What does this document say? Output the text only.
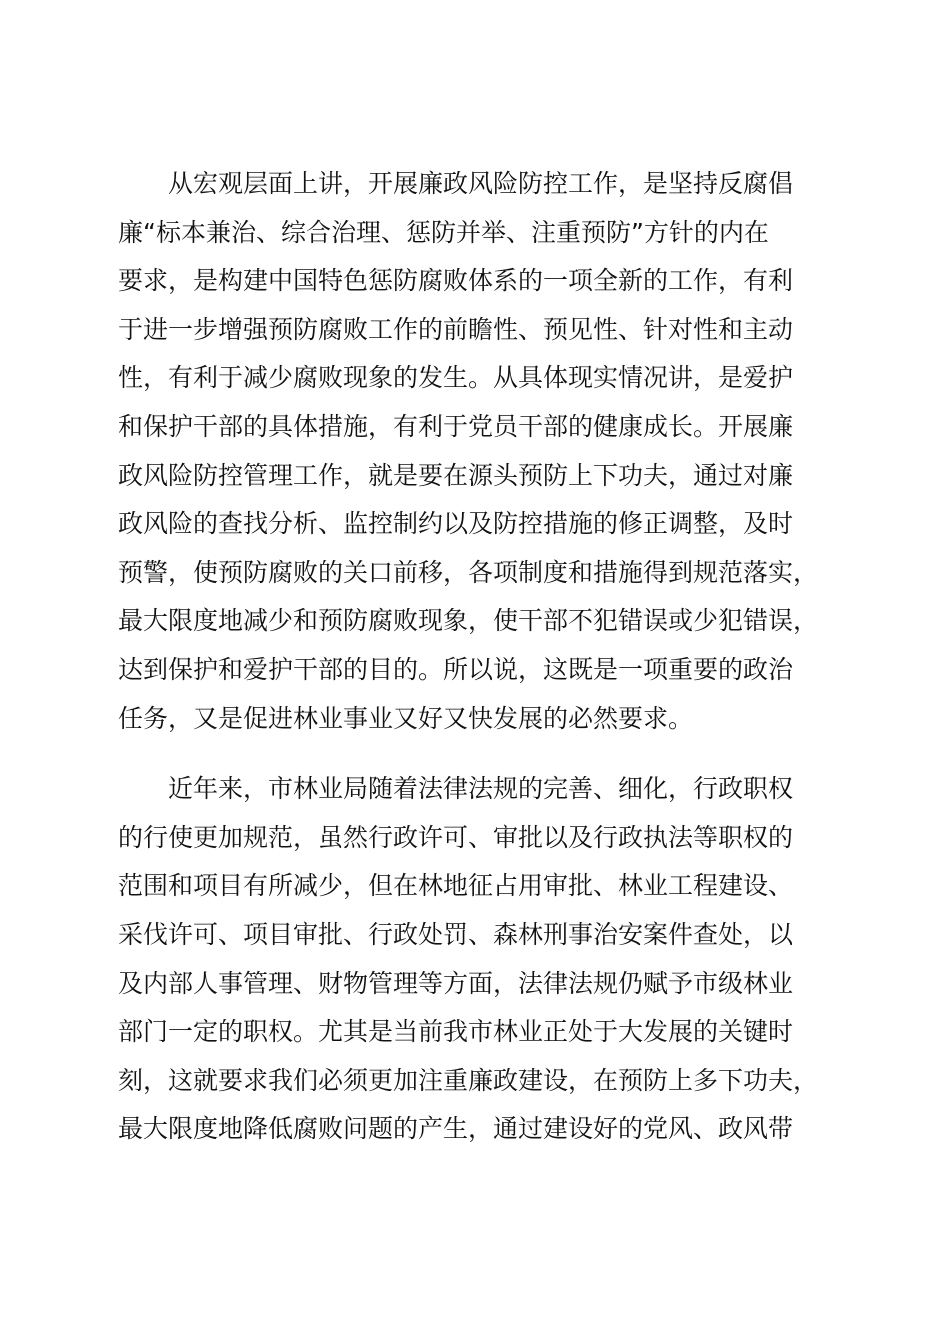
从宏观层面上讲，开展廉政风险防控工作，是坚持反腐倡
廉“标本兼治、综合治理、惩防并举、注重预防”方针的内在
要求，是构建中国特色惩防腐败体系的一项全新的工作，有利
于进一步增强预防腐败工作的前瞻性、预见性、针对性和主动
性，有利于减少腐败现象的发生。从具体现实情况讲，是爱护
和保护干部的具体措施，有利于党员干部的健康成长。开展廉
政风险防控管理工作，就是要在源头预防上下功夫，通过对廉
政风险的查找分析、监控制约以及防控措施的修正调整，及时
预警，使预防腐败的关口前移，各项制度和措施得到规范落实，
最大限度地减少和预防腐败现象，使干部不犯错误或少犯错误，
达到保护和爱护干部的目的。所以说，这既是一项重要的政治
任务，又是促进林业事业又好又快发展的必然要求。
近年来，市林业局随着法律法规的完善、细化，行政职权
的行使更加规范，虽然行政许可、审批以及行政执法等职权的
范围和项目有所减少，但在林地征占用审批、林业工程建设、
采伐许可、项目审批、行政处罚、森林刑事治安案件查处，以
及内部人事管理、财物管理等方面，法律法规仍赋予市级林业
部门一定的职权。尤其是当前我市林业正处于大发展的关键时
刻，这就要求我们必须更加注重廉政建设，在预防上多下功夫，
最大限度地降低腐败问题的产生，通过建设好的党风、政风带
